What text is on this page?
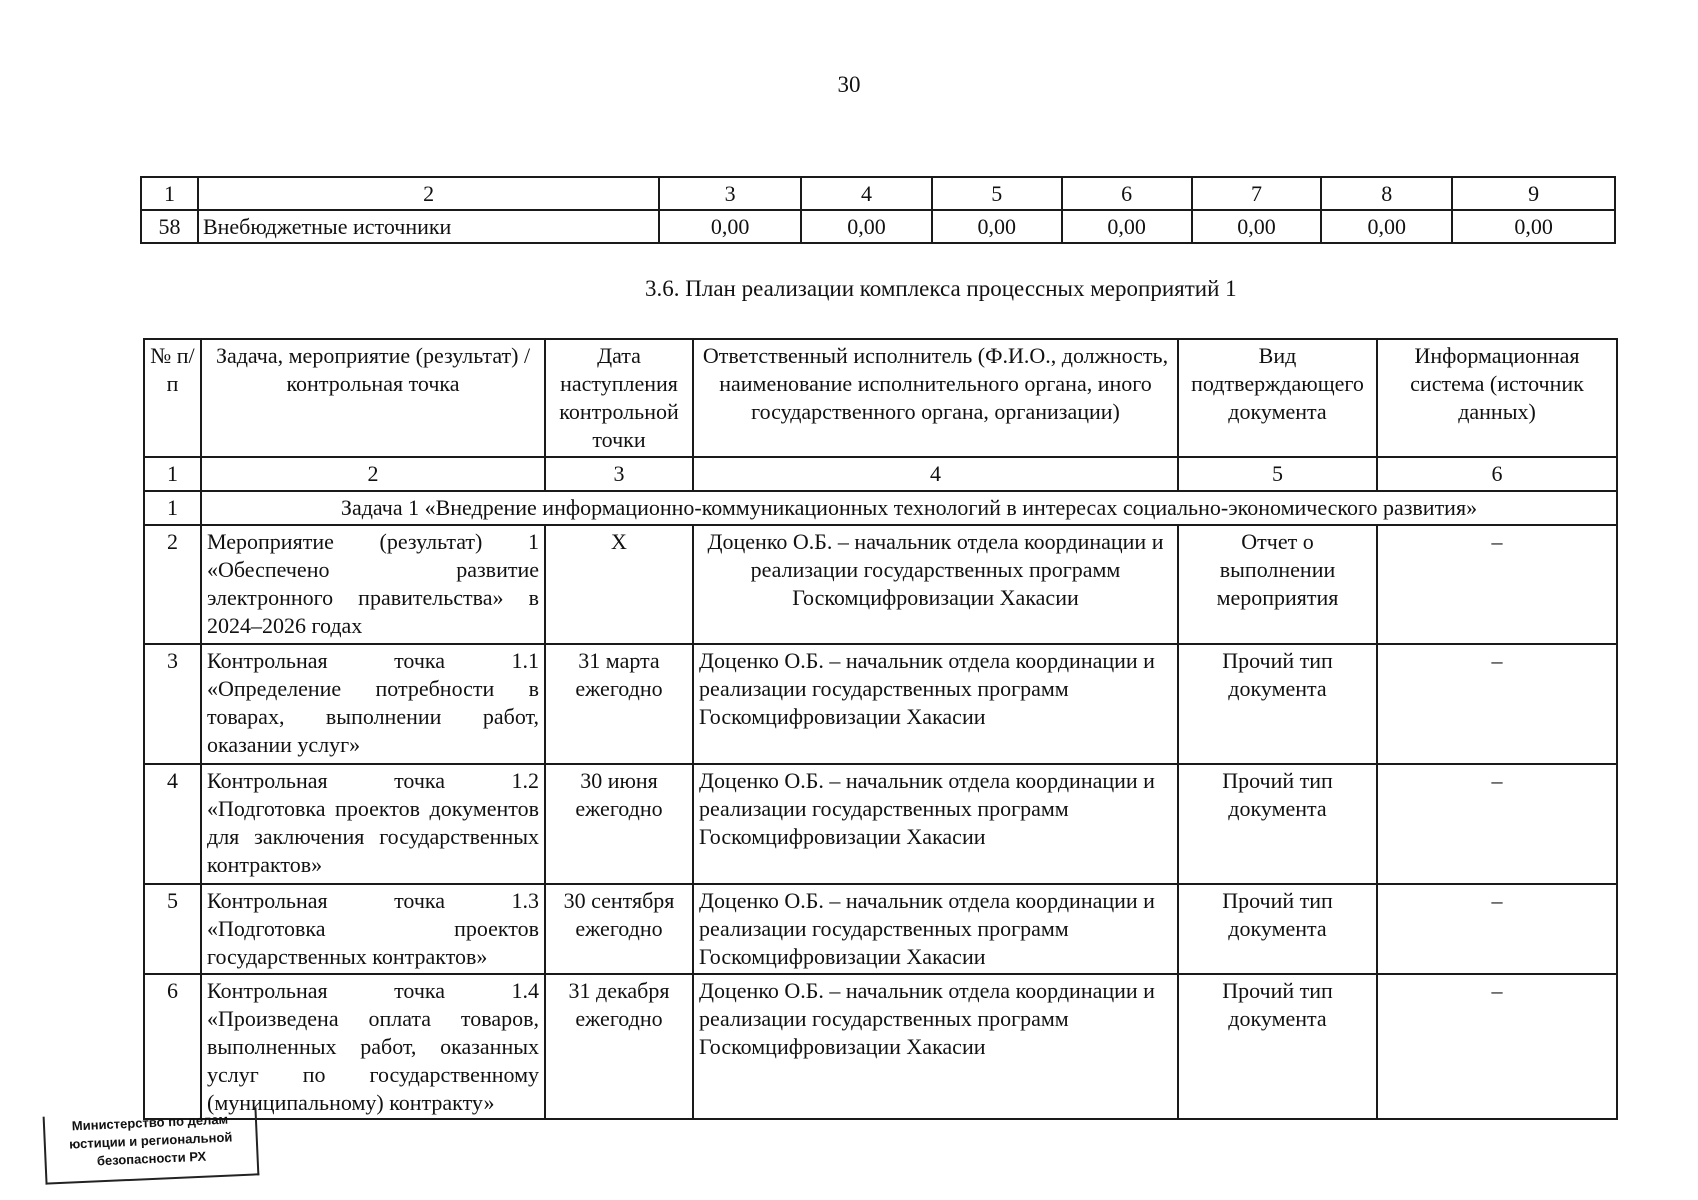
30
1	2	3	4	5	6	7	8	9
58	Внебюджетные источники	0,00	0,00	0,00	0,00	0,00	0,00	0,00
3.6. План реализации комплекса процессных мероприятий 1
№ п/п	Задача, мероприятие (результат) / контрольная точка	Дата наступления контрольной точки	Ответственный исполнитель (Ф.И.О., должность, наименование исполнительного органа, иного государственного органа, организации)	Вид подтверждающего документа	Информационная система (источник данных)
1	2	3	4	5	6
1	Задача 1 «Внедрение информационно-коммуникационных технологий в интересах социально-экономического развития»				
2	Мероприятие (результат) 1 «Обеспечено развитие электронного правительства» в 2024–2026 годах	Х	Доценко О.Б. – начальник отдела координации и реализации государственных программ Госкомцифровизации Хакасии	Отчет о выполнении мероприятия	–
3	Контрольная точка 1.1 «Определение потребности в товарах, выполнении работ, оказании услуг»	31 марта ежегодно	Доценко О.Б. – начальник отдела координации и реализации государственных программ Госкомцифровизации Хакасии	Прочий тип документа	–
4	Контрольная точка 1.2 «Подготовка проектов документов для заключения государственных контрактов»	30 июня ежегодно	Доценко О.Б. – начальник отдела координации и реализации государственных программ Госкомцифровизации Хакасии	Прочий тип документа	–
5	Контрольная точка 1.3 «Подготовка проектов государственных контрактов»	30 сентября ежегодно	Доценко О.Б. – начальник отдела координации и реализации государственных программ Госкомцифровизации Хакасии	Прочий тип документа	–
6	Контрольная точка 1.4 «Произведена оплата товаров, выполненных работ, оказанных услуг по государственному (муниципальному) контракту»	31 декабря ежегодно	Доценко О.Б. – начальник отдела координации и реализации государственных программ Госкомцифровизации Хакасии	Прочий тип документа	–
Министерство по делам
юстиции и региональной
безопасности РХ
